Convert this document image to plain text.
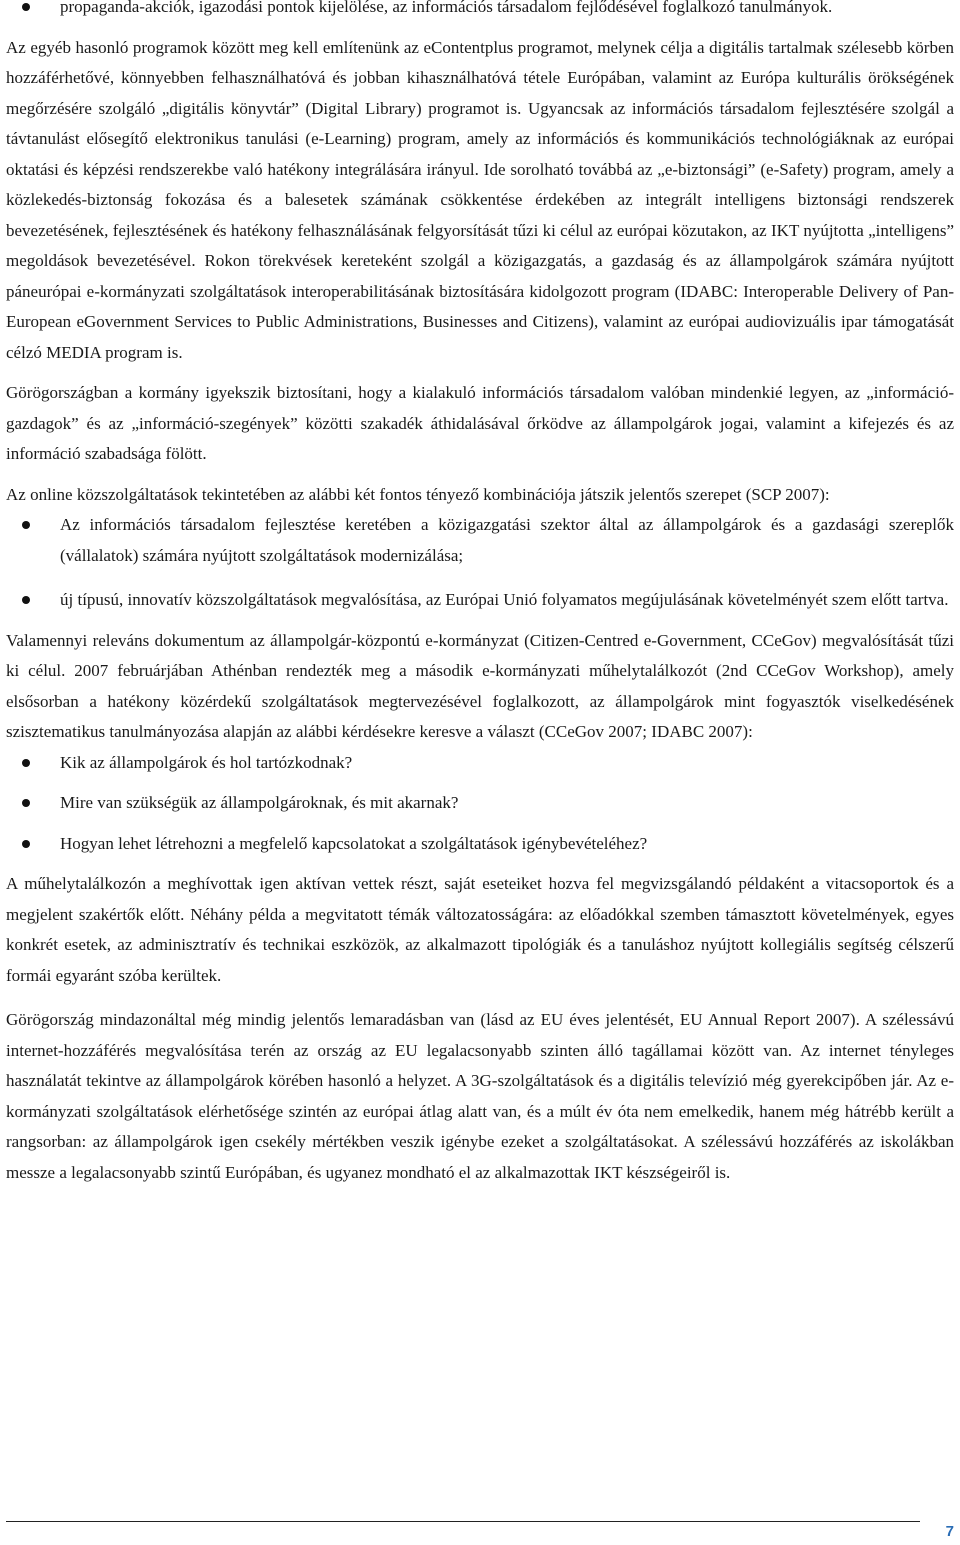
propaganda-akciók, igazodási pontok kijelölése, az információs társadalom fejlődésével foglalkozó tanulmányok.

Az egyéb hasonló programok között meg kell említenünk az eContentplus programot, melynek célja a digitális tartalmak szélesebb körben hozzáférhetővé, könnyebben felhasználhatóvá és jobban kihasználhatóvá tétele Európában, valamint az Európa kulturális örökségének megőrzésére szolgáló „digitális könyvtár” (Digital Library) programot is. Ugyancsak az információs társadalom fejlesztésére szolgál a távtanulást elősegítő elektronikus tanulási (e-Learning) program, amely az információs és kommunikációs technológiáknak az európai oktatási és képzési rendszerekbe való hatékony integrálására irányul. Ide sorolható továbbá az „e-biztonsági” (e-Safety) program, amely a közlekedés-biztonság fokozása és a balesetek számának csökkentése érdekében az integrált intelligens biztonsági rendszerek bevezetésének, fejlesztésének és hatékony felhasználásának felgyorsítását tűzi ki célul az európai közutakon, az IKT nyújtotta „intelligens” megoldások bevezetésével. Rokon törekvések kereteként szolgál a közigazgatás, a gazdaság és az állampolgárok számára nyújtott páneurópai e-kormányzati szolgáltatások interoperabilitásának biztosítására kidolgozott program (IDABC: Interoperable Delivery of Pan-European eGovernment Services to Public Administrations, Businesses and Citizens), valamint az európai audiovizuális ipar támogatását célzó MEDIA program is.

Görögországban a kormány igyekszik biztosítani, hogy a kialakuló információs társadalom valóban mindenkié legyen, az „információ-gazdagok” és az „információ-szegények” közötti szakadék áthidalásával őrködve az állampolgárok jogai, valamint a kifejezés és az információ szabadsága fölött.

Az online közszolgáltatások tekintetében az alábbi két fontos tényező kombinációja játszik jelentős szerepet (SCP 2007):

Az információs társadalom fejlesztése keretében a közigazgatási szektor által az állampolgárok és a gazdasági szereplők (vállalatok) számára nyújtott szolgáltatások modernizálása;
új típusú, innovatív közszolgáltatások megvalósítása, az Európai Unió folyamatos megújulásának követelményét szem előtt tartva.

Valamennyi releváns dokumentum az állampolgár-központú e-kormányzat (Citizen-Centred e-Government, CCeGov) megvalósítását tűzi ki célul. 2007 februárjában Athénban rendezték meg a második e-kormányzati műhelytalálkozót (2nd CCeGov Workshop), amely elsősorban a hatékony közérdekű szolgáltatások megtervezésével foglalkozott, az állampolgárok mint fogyasztók viselkedésének szisztematikus tanulmányozása alapján az alábbi kérdésekre keresve a választ (CCeGov 2007; IDABC 2007):

Kik az állampolgárok és hol tartózkodnak?
Mire van szükségük az állampolgároknak, és mit akarnak?
Hogyan lehet létrehozni a megfelelő kapcsolatokat a szolgáltatások igénybevételéhez?

A műhelytalálkozón a meghívottak igen aktívan vettek részt, saját eseteiket hozva fel megvizsgálandó példaként a vitacsoportok és a megjelent szakértők előtt. Néhány példa a megvitatott témák változatosságára: az előadókkal szemben támasztott követelmények, egyes konkrét esetek, az adminisztratív és technikai eszközök, az alkalmazott tipológiák és a tanuláshoz nyújtott kollegiális segítség célszerű formái egyaránt szóba kerültek.

Görögország mindazonáltal még mindig jelentős lemaradásban van (lásd az EU éves jelentését, EU Annual Report 2007). A szélessávú internet-hozzáférés megvalósítása terén az ország az EU legalacsonyabb szinten álló tagállamai között van. Az internet tényleges használatát tekintve az állampolgárok körében hasonló a helyzet. A 3G-szolgáltatások és a digitális televízió még gyerekcipőben jár. Az e-kormányzati szolgáltatások elérhetősége szintén az európai átlag alatt van, és a múlt év óta nem emelkedik, hanem még hátrébb került a rangsorban: az állampolgárok igen csekély mértékben veszik igénybe ezeket a szolgáltatásokat. A szélessávú hozzáférés az iskolákban messze a legalacsonyabb szintű Európában, és ugyanez mondható el az alkalmazottak IKT készségeiről is.

7
